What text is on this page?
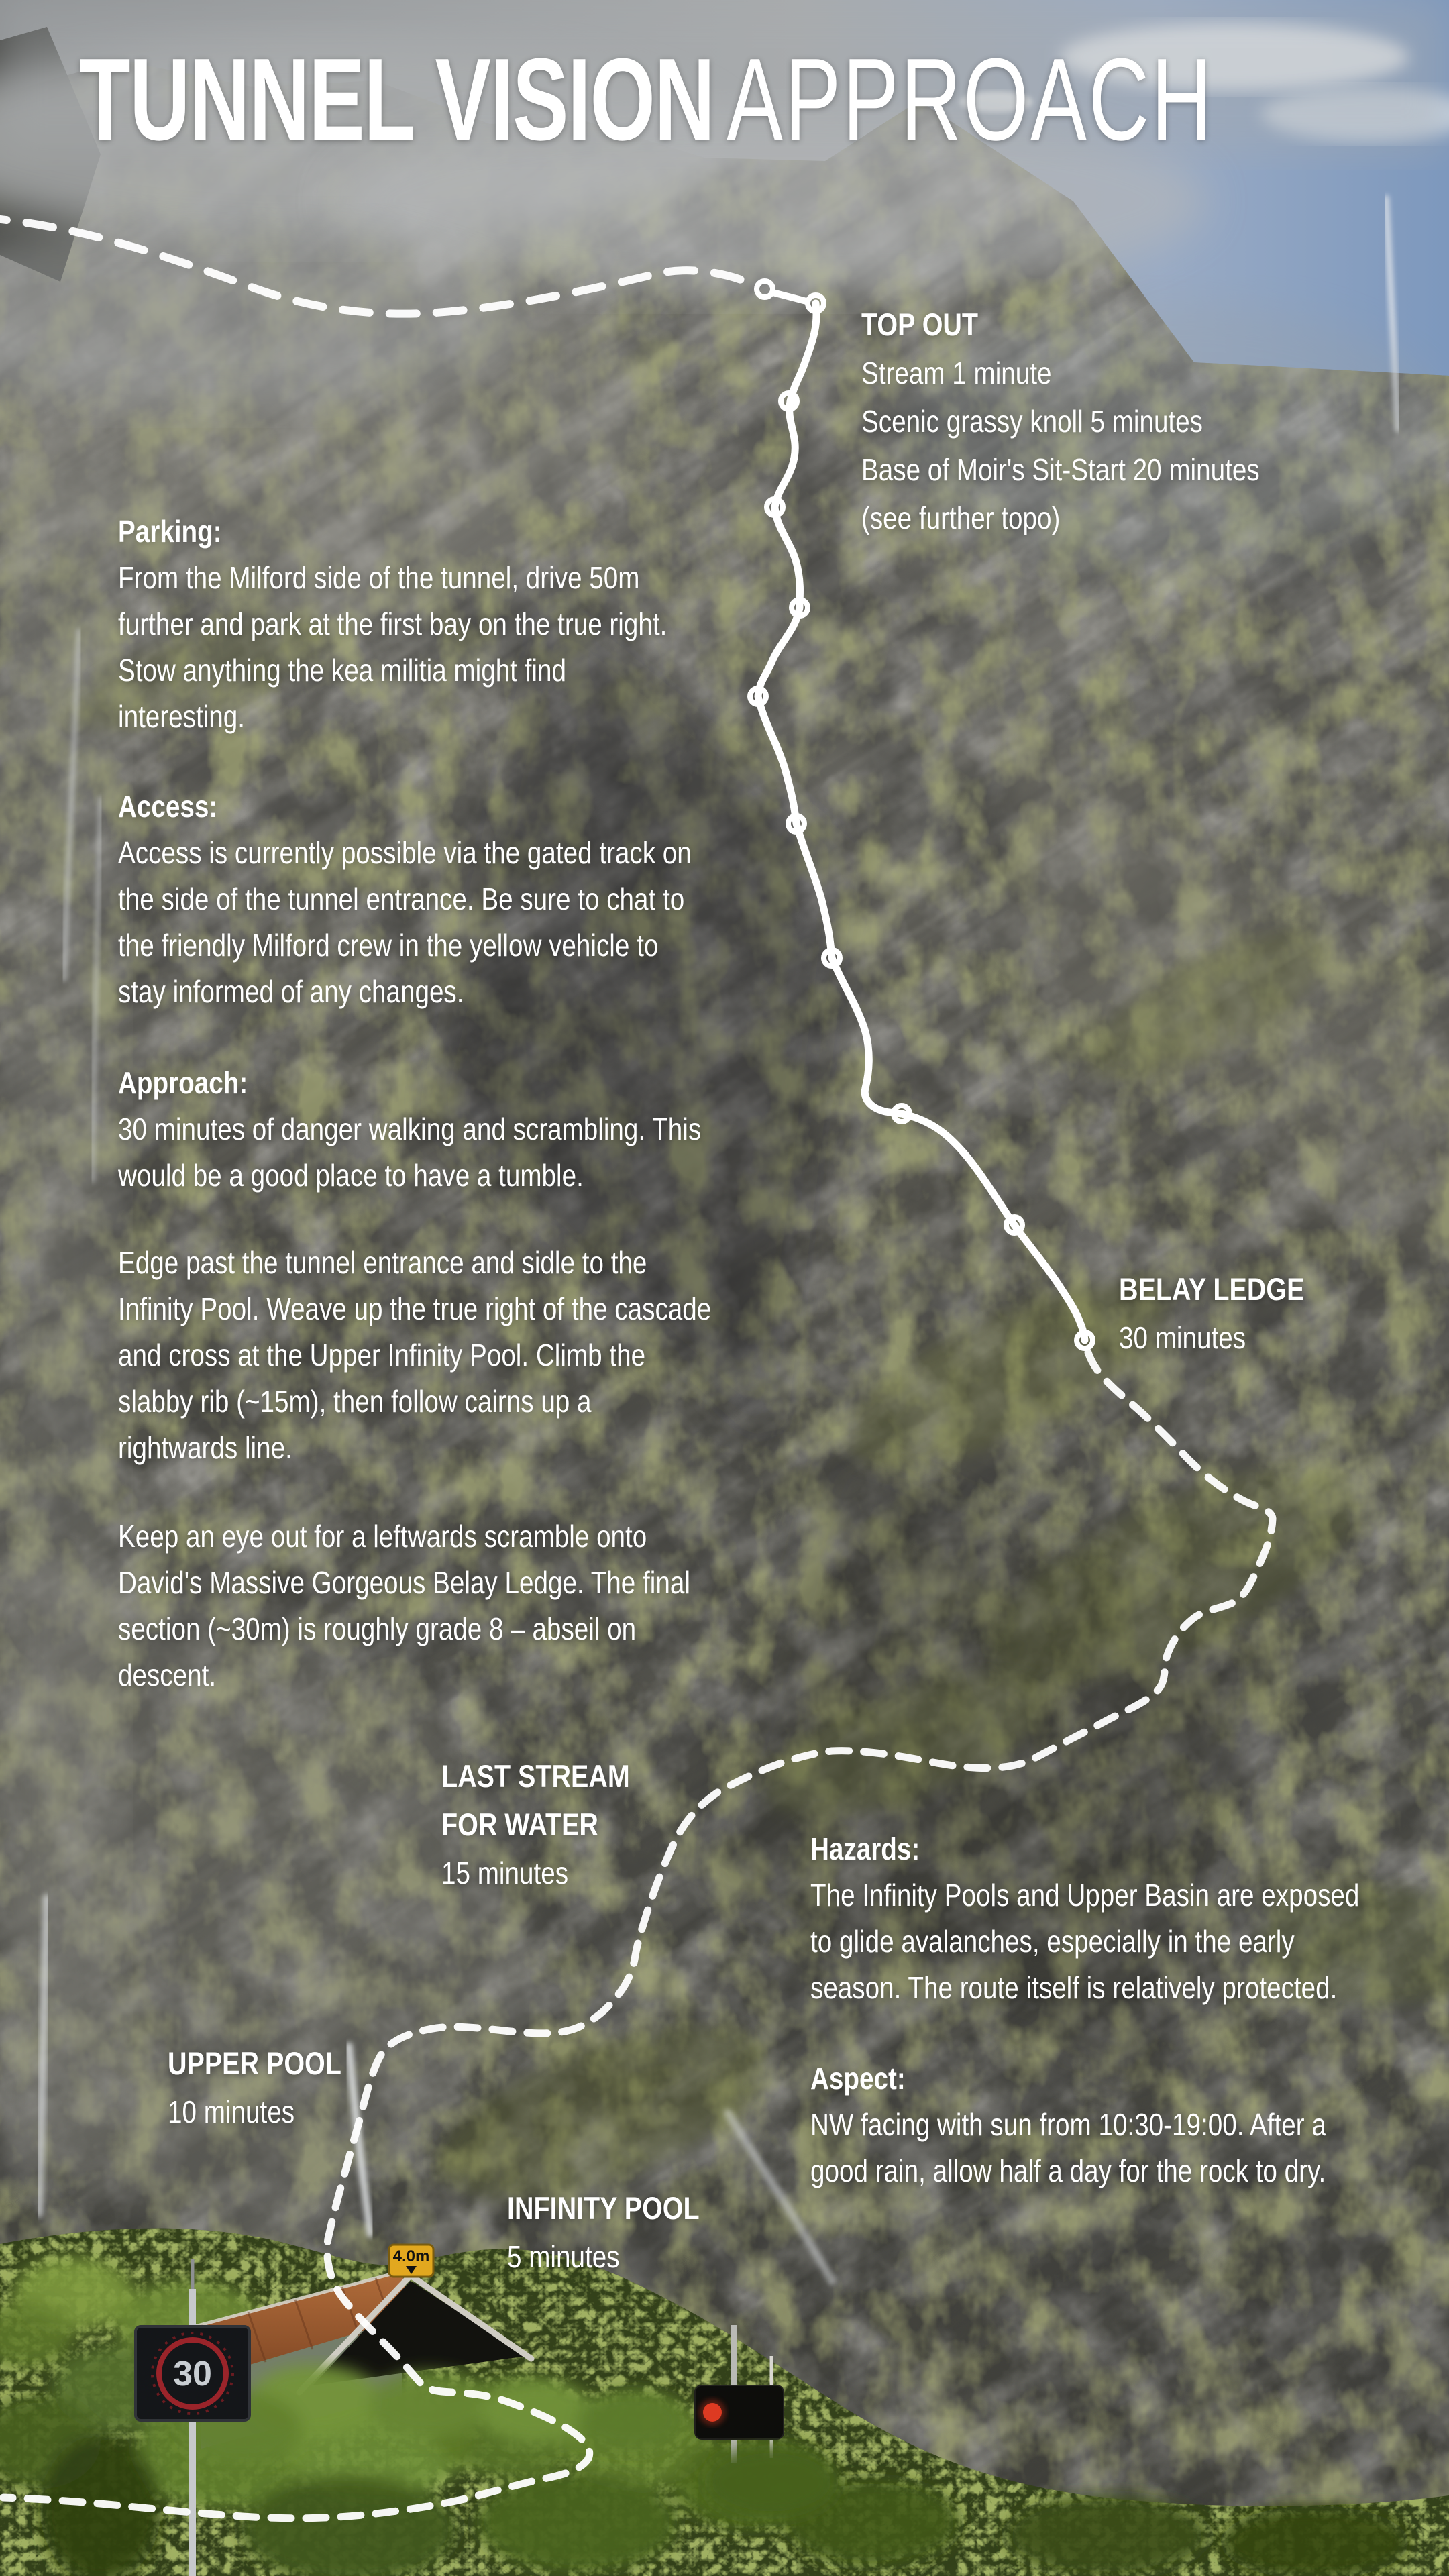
4.0m
30
TUNNEL VISION APPROACH
TOP OUT
Stream 1 minute
Scenic grassy knoll 5 minutes
Base of Moir's Sit-Start 20 minutes
(see further topo)
Parking:
From the Milford side of the tunnel, drive 50m
further and park at the first bay on the true right.
Stow anything the kea militia might find
interesting.
Access:
Access is currently possible via the gated track on
the side of the tunnel entrance. Be sure to chat to
the friendly Milford crew in the yellow vehicle to
stay informed of any changes.
Approach:
30 minutes of danger walking and scrambling. This
would be a good place to have a tumble.
Edge past the tunnel entrance and sidle to the
Infinity Pool. Weave up the true right of the cascade
and cross at the Upper Infinity Pool. Climb the
slabby rib (~15m), then follow cairns up a
rightwards line.
Keep an eye out for a leftwards scramble onto
David's Massive Gorgeous Belay Ledge. The final
section (~30m) is roughly grade 8 – abseil on
descent.
BELAY LEDGE
30 minutes
LAST STREAM
FOR WATER
15 minutes
Hazards:
The Infinity Pools and Upper Basin are exposed
to glide avalanches, especially in the early
season. The route itself is relatively protected.
Aspect:
NW facing with sun from 10:30-19:00. After a
good rain, allow half a day for the rock to dry.
UPPER POOL
10 minutes
INFINITY POOL
5 minutes
